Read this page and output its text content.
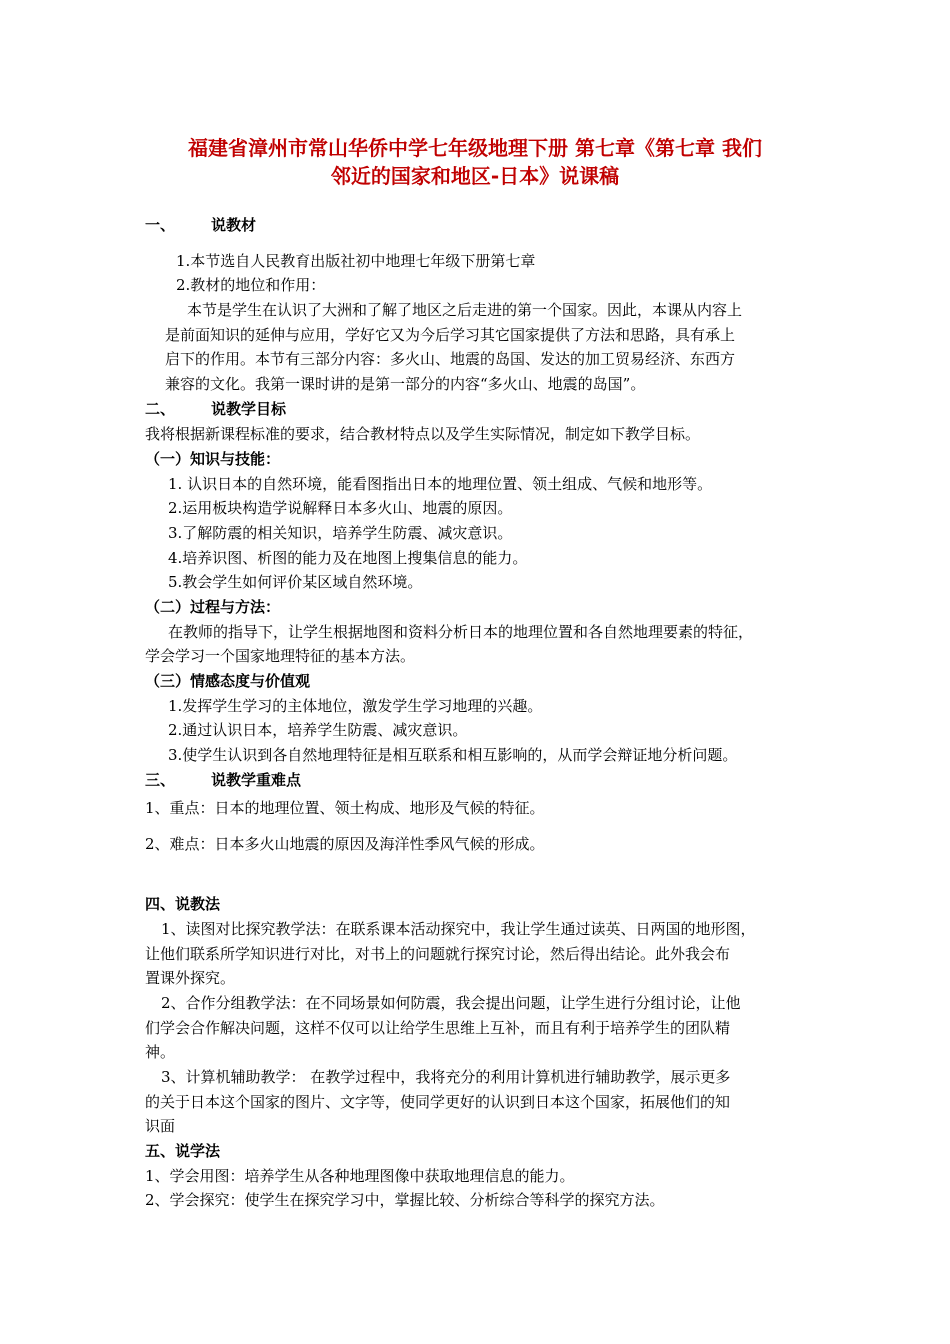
福建省漳州市常山华侨中学七年级地理下册 第七章《第七章 我们
邻近的国家和地区-日本》说课稿
一、 说教材
1.本节选自人民教育出版社初中地理七年级下册第七章
2.教材的地位和作用：
本节是学生在认识了大洲和了解了地区之后走进的第一个国家。因此，本课从内容上
是前面知识的延伸与应用，学好它又为今后学习其它国家提供了方法和思路，具有承上
启下的作用。本节有三部分内容：多火山、地震的岛国、发达的加工贸易经济、东西方
兼容的文化。我第一课时讲的是第一部分的内容“多火山、地震的岛国”。
二、 说教学目标
我将根据新课程标准的要求，结合教材特点以及学生实际情况，制定如下教学目标。
（一）知识与技能：
1. 认识日本的自然环境，能看图指出日本的地理位置、领土组成、气候和地形等。
2.运用板块构造学说解释日本多火山、地震的原因。
3.了解防震的相关知识，培养学生防震、减灾意识。
4.培养识图、析图的能力及在地图上搜集信息的能力。
5.教会学生如何评价某区域自然环境。
（二）过程与方法：
在教师的指导下，让学生根据地图和资料分析日本的地理位置和各自然地理要素的特征，
学会学习一个国家地理特征的基本方法。
（三）情感态度与价值观
1.发挥学生学习的主体地位，激发学生学习地理的兴趣。
2.通过认识日本，培养学生防震、减灾意识。
3.使学生认识到各自然地理特征是相互联系和相互影响的，从而学会辩证地分析问题。
三、 说教学重难点
1、重点：日本的地理位置、领土构成、地形及气候的特征。
2、难点：日本多火山地震的原因及海洋性季风气候的形成。
四、说教法
1、读图对比探究教学法：在联系课本活动探究中，我让学生通过读英、日两国的地形图，
让他们联系所学知识进行对比，对书上的问题就行探究讨论，然后得出结论。此外我会布
置课外探究。
2、合作分组教学法：在不同场景如何防震，我会提出问题，让学生进行分组讨论，让他
们学会合作解决问题，这样不仅可以让给学生思维上互补，而且有利于培养学生的团队精
神。
3、计算机辅助教学： 在教学过程中，我将充分的利用计算机进行辅助教学，展示更多
的关于日本这个国家的图片、文字等，使同学更好的认识到日本这个国家，拓展他们的知
识面
五、说学法
1、学会用图：培养学生从各种地理图像中获取地理信息的能力。
2、学会探究：使学生在探究学习中，掌握比较、分析综合等科学的探究方法。
